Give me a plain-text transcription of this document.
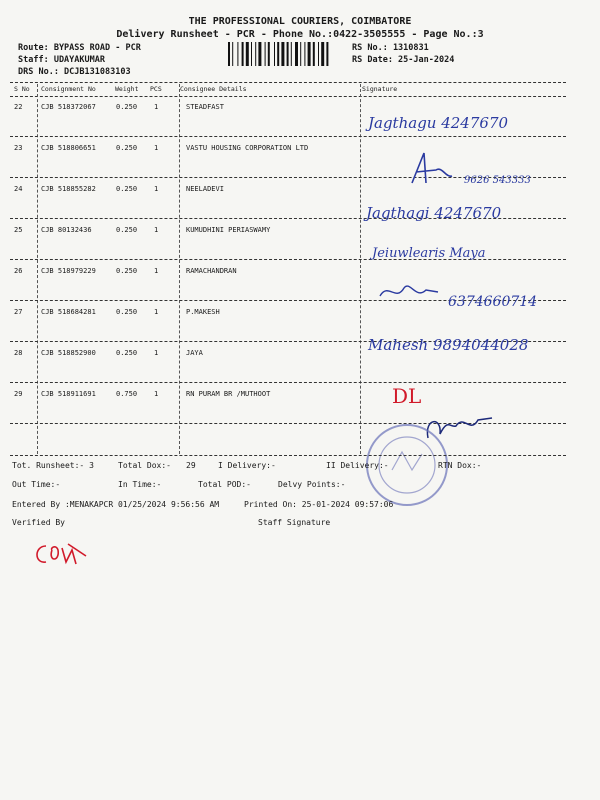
THE PROFESSIONAL COURIERS, COIMBATORE
Delivery Runsheet - PCR - Phone No.:0422-3505555 - Page No.:3
Route: BYPASS ROAD - PCR
Staff: UDAYAKUMAR
DRS No.: DCJB131083103
RS No.: 1310831
RS Date: 25-Jan-2024
S No Consignment No	Weight PCS	Consignee Details	Signature
22	CJB 518372067	0.250 1	STEADFAST
23	CJB 518806651	0.250 1	VASTU HOUSING CORPORATION LTD
24	CJB 518855282	0.250 1	NEELADEVI
25	CJB 80132436	0.250 1	KUMUDHINI PERIASWAMY
26	CJB 518979229	0.250 1	RAMACHANDRAN
27	CJB 518684281	0.250 1	P.MAKESH
28	CJB 518852900	0.250 1	JAYA
29	CJB 518911691	0.750 1	RN PURAM BR /MUTHOOT
Jagthagu 4247670
9626 543333
Jagthagi 4247670
Jeiuwlearis Maya
6374660714
Mahesh 9894044028
DL
Tot. Runsheet:- 3	Total Dox:- 29	I Delivery:-	II Delivery:-	RTN Dox:-
Out Time:-	In Time:-	Total POD:-	Delvy Points:-
Entered By :MENAKAPCR 01/25/2024 9:56:56 AM	Printed On: 25-01-2024 09:57:06
Verified By	Staff Signature
